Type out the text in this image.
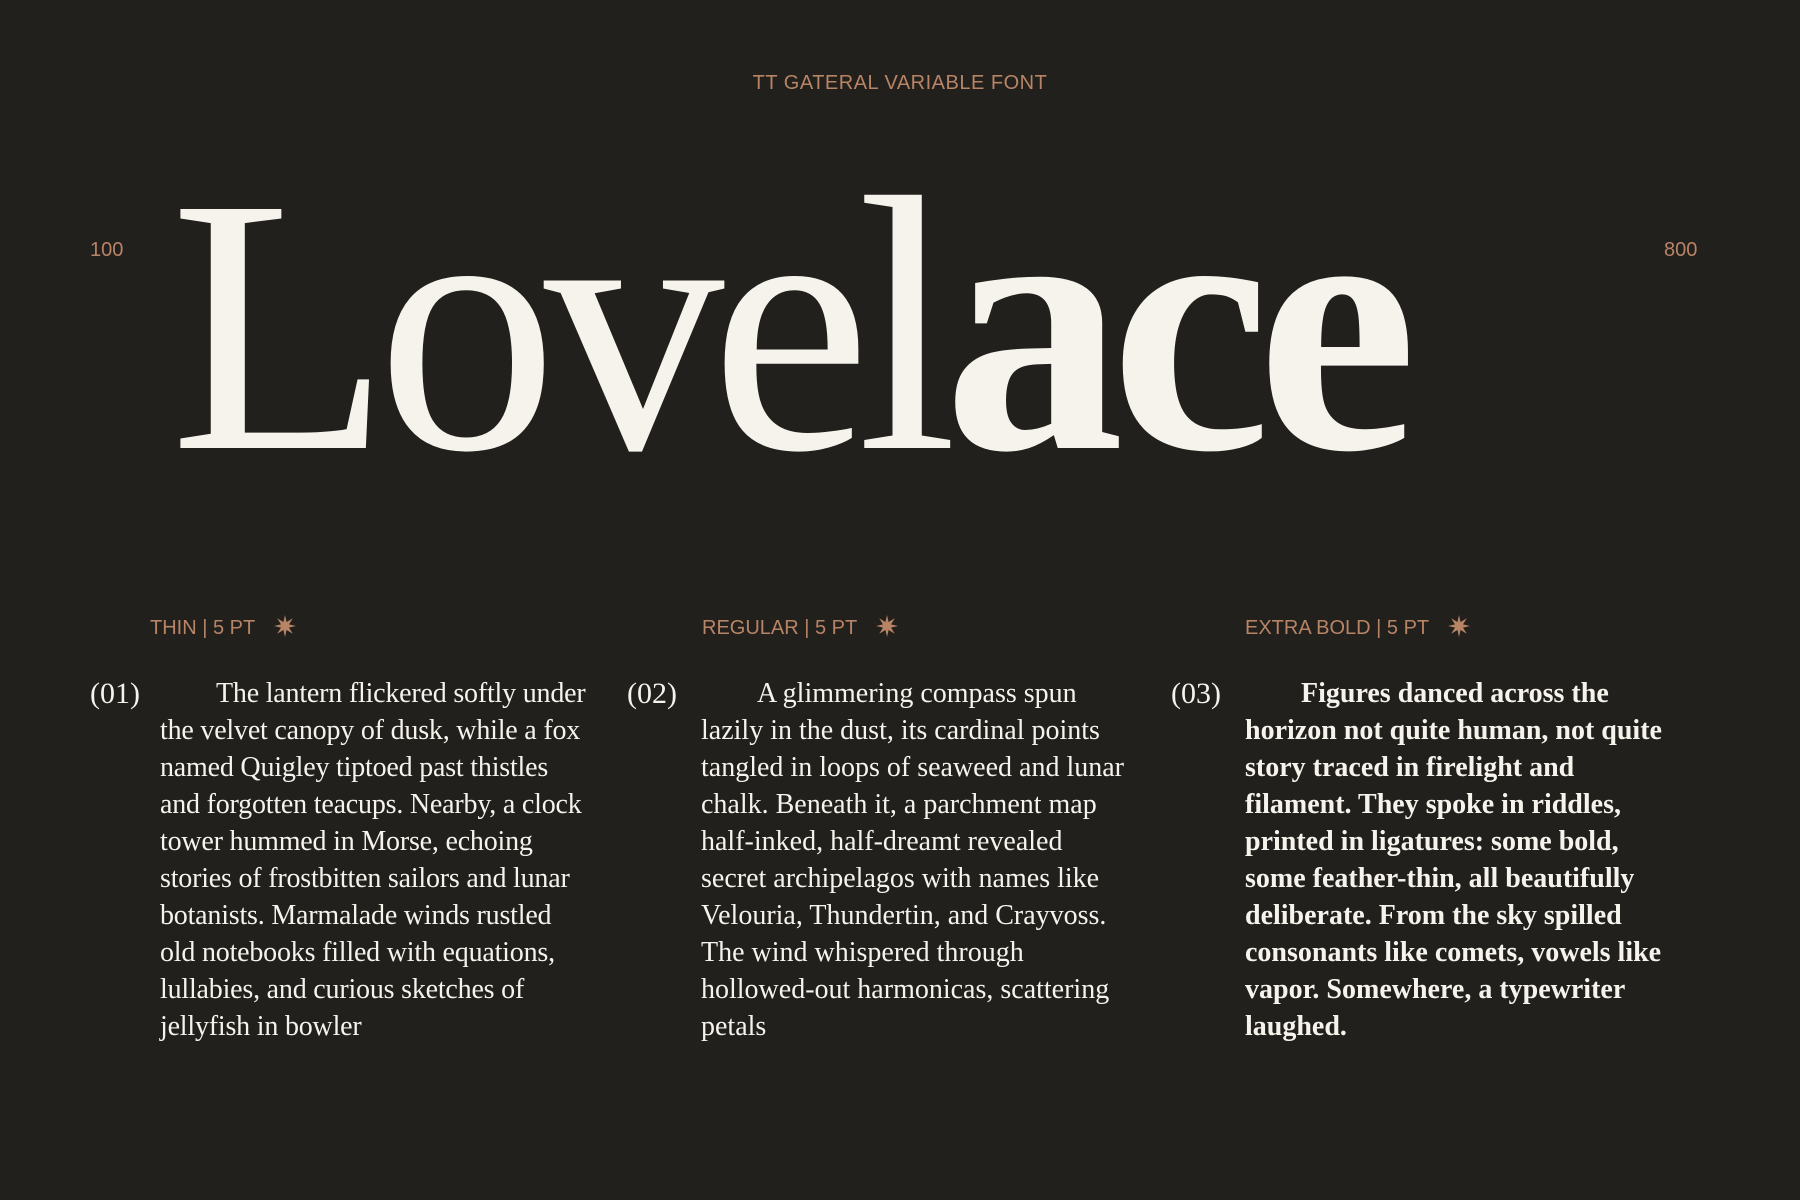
TT GATERAL VARIABLE FONT
100	800
Lovelace
THIN | 5 PT
(01)	The lantern flickered softly under the velvet canopy of dusk, while a fox named Quigley tiptoed past thistles and forgotten teacups. Nearby, a clock tower hummed in Morse, echoing stories of frostbitten sailors and lunar botanists. Marmalade winds rustled old notebooks filled with equations, lullabies, and curious sketches of jellyfish in bowler

REGULAR | 5 PT
(02)	A glimmering compass spun lazily in the dust, its cardinal points tangled in loops of seaweed and lunar chalk. Beneath it, a parchment map half-inked, half-dreamt revealed secret archipelagos with names like Velouria, Thundertin, and Crayvoss. The wind whispered through hollowed-out harmonicas, scattering petals

EXTRA BOLD | 5 PT
(03)	Figures danced across the horizon not quite human, not quite story traced in firelight and filament. They spoke in riddles, printed in ligatures: some bold, some feather-thin, all beautifully deliberate. From the sky spilled consonants like comets, vowels like vapor. Somewhere, a typewriter laughed.
